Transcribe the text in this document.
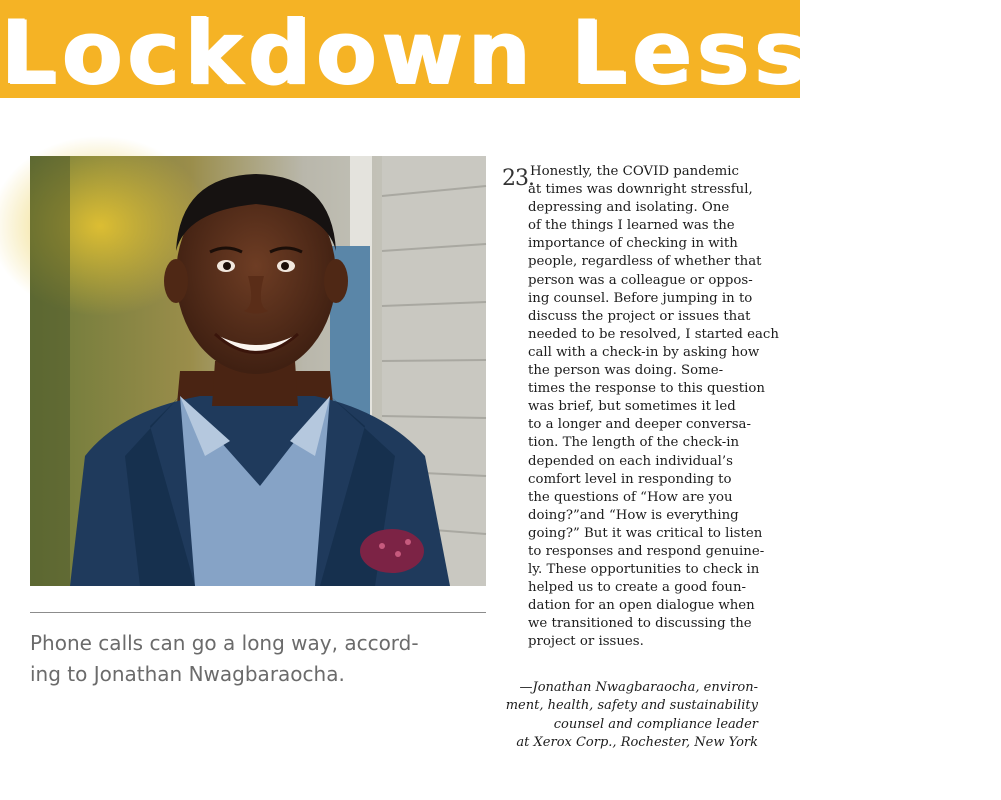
Lockdown Lessons

Phone calls can go a long way, accord-
ing to Jonathan Nwagbaraocha.

23.

Honestly, the COVID pandemic
at times was downright stressful,
depressing and isolating. One
of the things I learned was the
importance of checking in with
people, regardless of whether that
person was a colleague or oppos-
ing counsel. Before jumping in to
discuss the project or issues that
needed to be resolved, I started each
call with a check-in by asking how
the person was doing. Some-
times the response to this question
was brief, but sometimes it led
to a longer and deeper conversa-
tion. The length of the check-in
depended on each individual’s
comfort level in responding to
the questions of “How are you
doing?”and “How is everything
going?” But it was critical to listen
to responses and respond genuine-
ly. These opportunities to check in
helped us to create a good foun-
dation for an open dialogue when
we transitioned to discussing the
project or issues.

—Jonathan Nwagbaraocha, environ-
ment, health, safety and sustainability
counsel and compliance leader
at Xerox Corp., Rochester, New York
